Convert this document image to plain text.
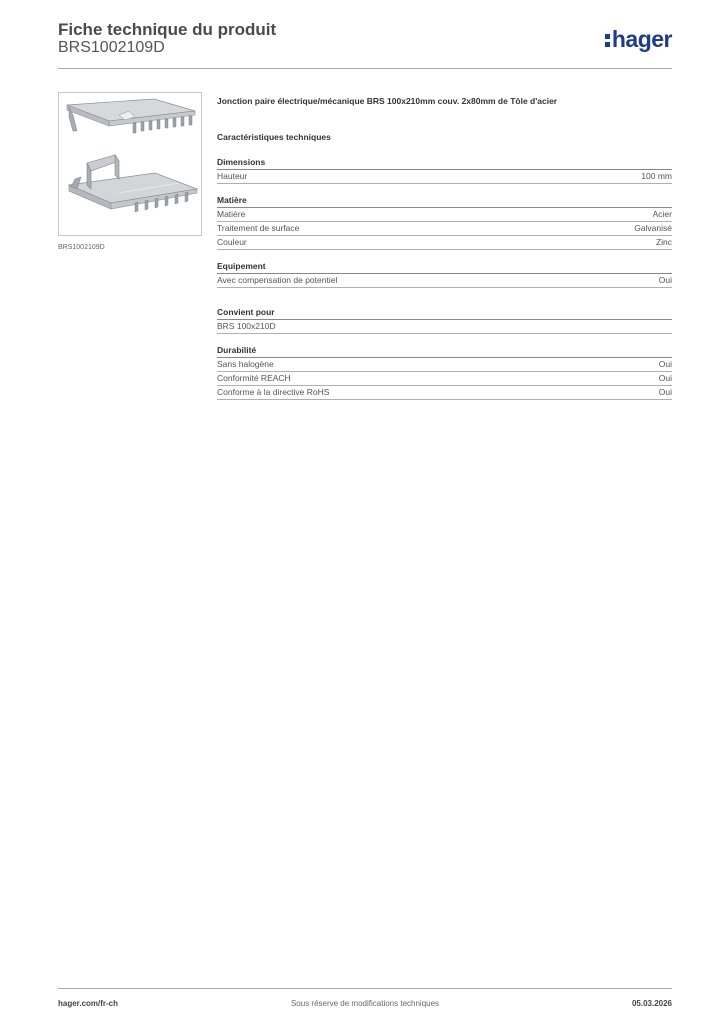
Fiche technique du produit
BRS1002109D	hager
BRS1002109D
Jonction paire électrique/mécanique BRS 100x210mm couv. 2x80mm de Tôle d'acier
Caractéristiques techniques
Dimensions
Hauteur	100 mm
Matière
Matière	Acier
Traitement de surface	Galvanisé
Couleur	Zinc
Equipement
Avec compensation de potentiel	Oui
Convient pour
BRS 100x210D
Durabilité
Sans halogène	Oui
Conformité REACH	Oui
Conforme à la directive RoHS	Oui
hager.com/fr-ch	Sous réserve de modifications techniques	05.03.2026
